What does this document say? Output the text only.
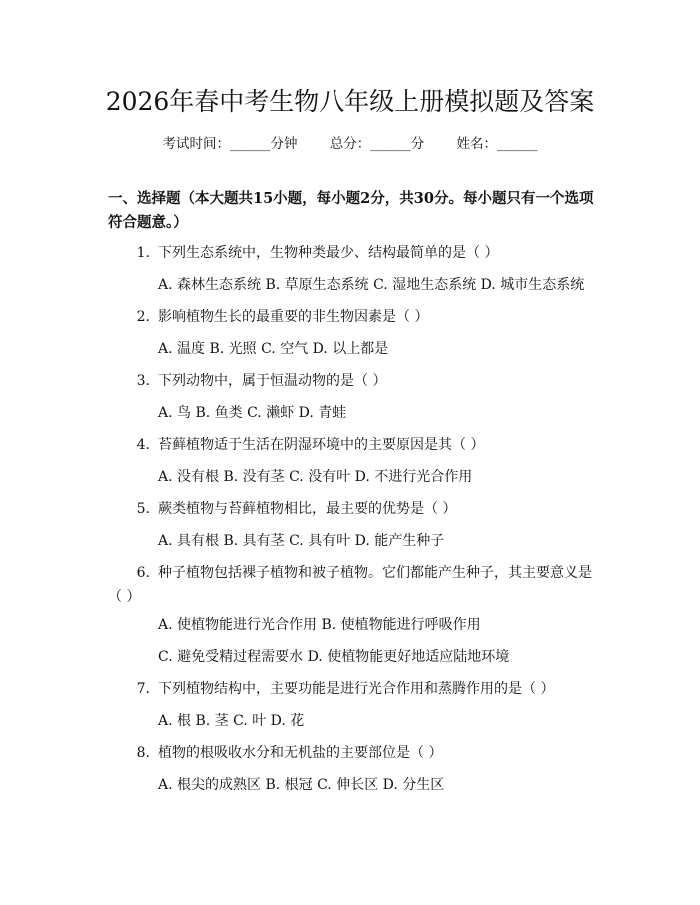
2026年春中考生物八年级上册模拟题及答案
考试时间：______分钟 总分：______分 姓名：______
一、选择题（本大题共15小题，每小题2分，共30分。每小题只有一个选项符合题意。）
1. 下列生态系统中，生物种类最少、结构最简单的是（ ）
A. 森林生态系统 B. 草原生态系统 C. 湿地生态系统 D. 城市生态系统
2. 影响植物生长的最重要的非生物因素是（ ）
A. 温度 B. 光照 C. 空气 D. 以上都是
3. 下列动物中，属于恒温动物的是（ ）
A. 鸟 B. 鱼类 C. 濑虾 D. 青蛙
4. 苔藓植物适于生活在阴湿环境中的主要原因是其（ ）
A. 没有根 B. 没有茎 C. 没有叶 D. 不进行光合作用
5. 蕨类植物与苔藓植物相比，最主要的优势是（ ）
A. 具有根 B. 具有茎 C. 具有叶 D. 能产生种子
6. 种子植物包括裸子植物和被子植物。它们都能产生种子，其主要意义是（ ）
A. 使植物能进行光合作用 B. 使植物能进行呼吸作用
C. 避免受精过程需要水 D. 使植物能更好地适应陆地环境
7. 下列植物结构中，主要功能是进行光合作用和蒸腾作用的是（ ）
A. 根 B. 茎 C. 叶 D. 花
8. 植物的根吸收水分和无机盐的主要部位是（ ）
A. 根尖的成熟区 B. 根冠 C. 伸长区 D. 分生区
